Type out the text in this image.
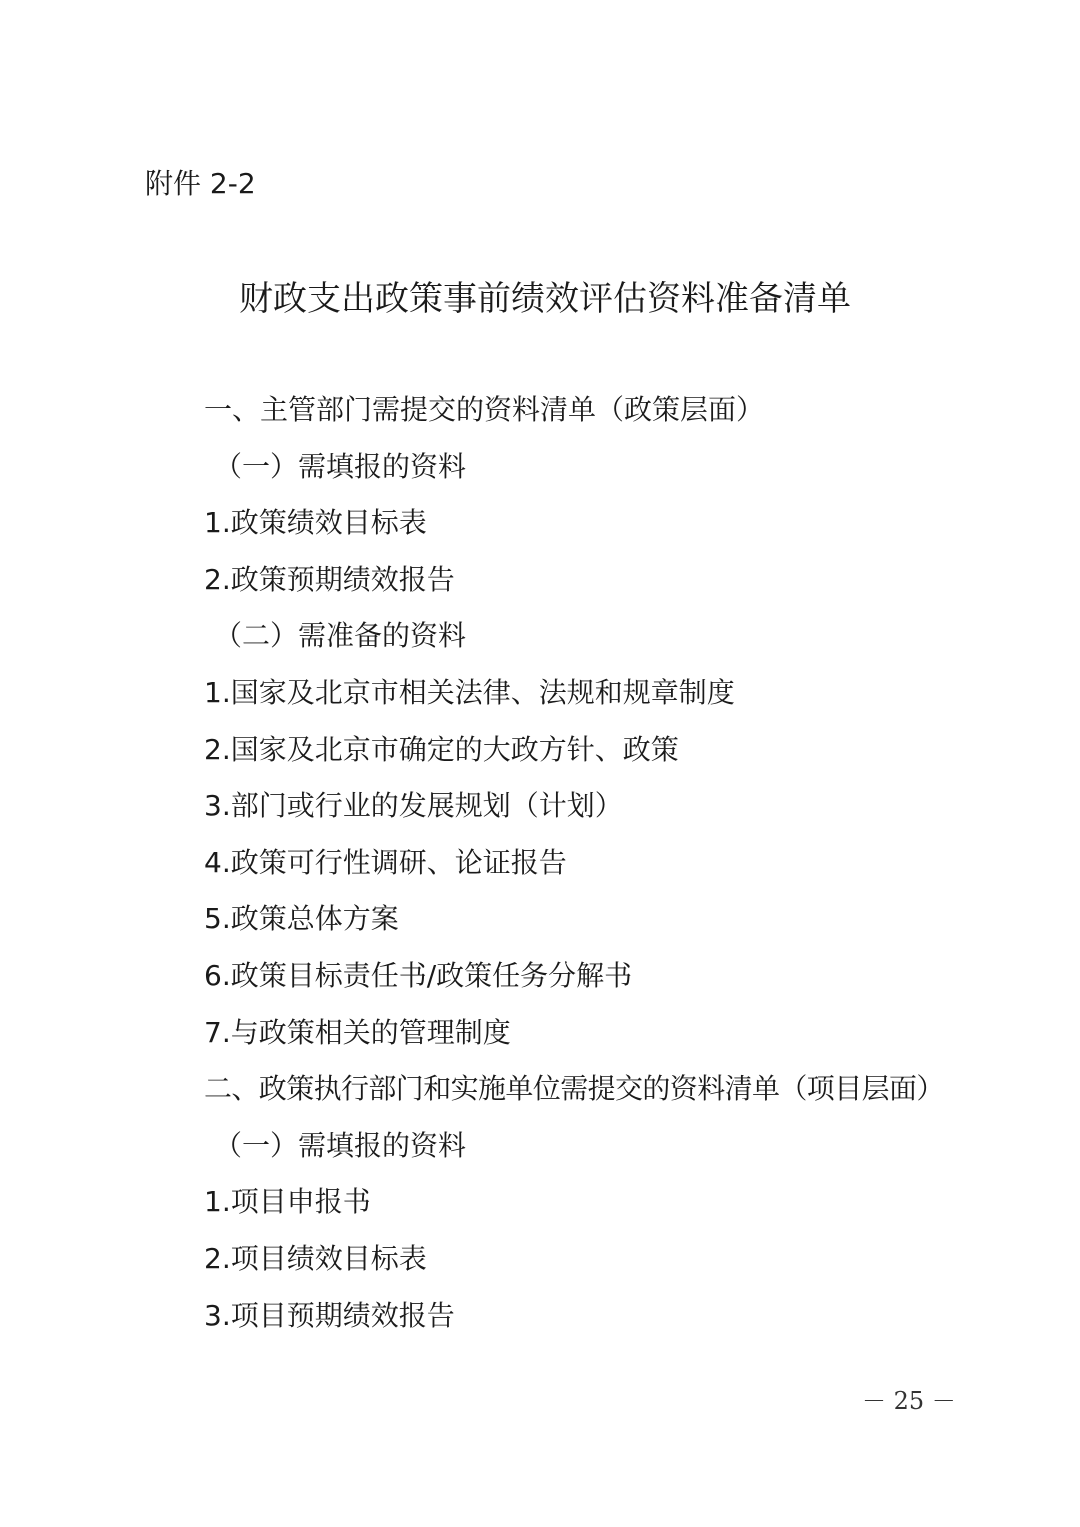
附件 2-2
财政支出政策事前绩效评估资料准备清单
一、主管部门需提交的资料清单（政策层面）
（一）需填报的资料
1.政策绩效目标表
2.政策预期绩效报告
（二）需准备的资料
1.国家及北京市相关法律、法规和规章制度
2.国家及北京市确定的大政方针、政策
3.部门或行业的发展规划（计划）
4.政策可行性调研、论证报告
5.政策总体方案
6.政策目标责任书/政策任务分解书
7.与政策相关的管理制度
二、政策执行部门和实施单位需提交的资料清单（项目层面）
（一）需填报的资料
1.项目申报书
2.项目绩效目标表
3.项目预期绩效报告
－ 25 －
